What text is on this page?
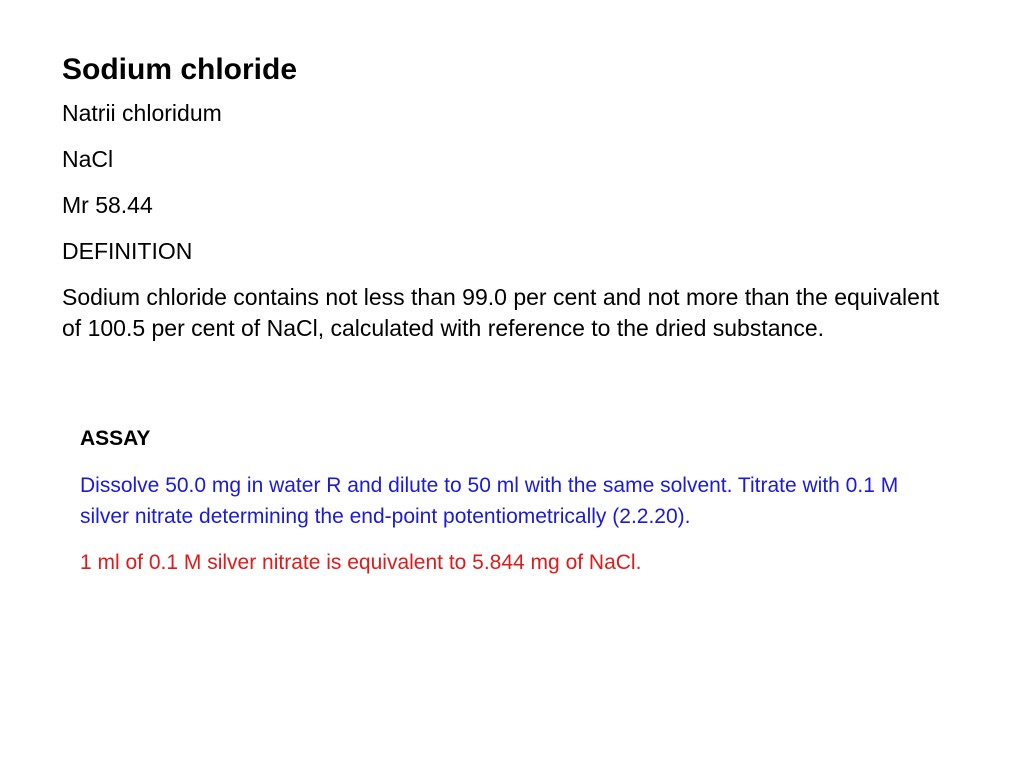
Sodium chloride
Natrii chloridum
NaCl
Mr 58.44
DEFINITION
Sodium chloride contains not less than 99.0 per cent and not more than the equivalent of 100.5 per cent of NaCl, calculated with reference to the dried substance.
ASSAY
Dissolve 50.0 mg in water R and dilute to 50 ml with the same solvent. Titrate with 0.1 M silver nitrate determining the end-point potentiometrically (2.2.20).
1 ml of 0.1 M silver nitrate is equivalent to 5.844 mg of NaCl.
